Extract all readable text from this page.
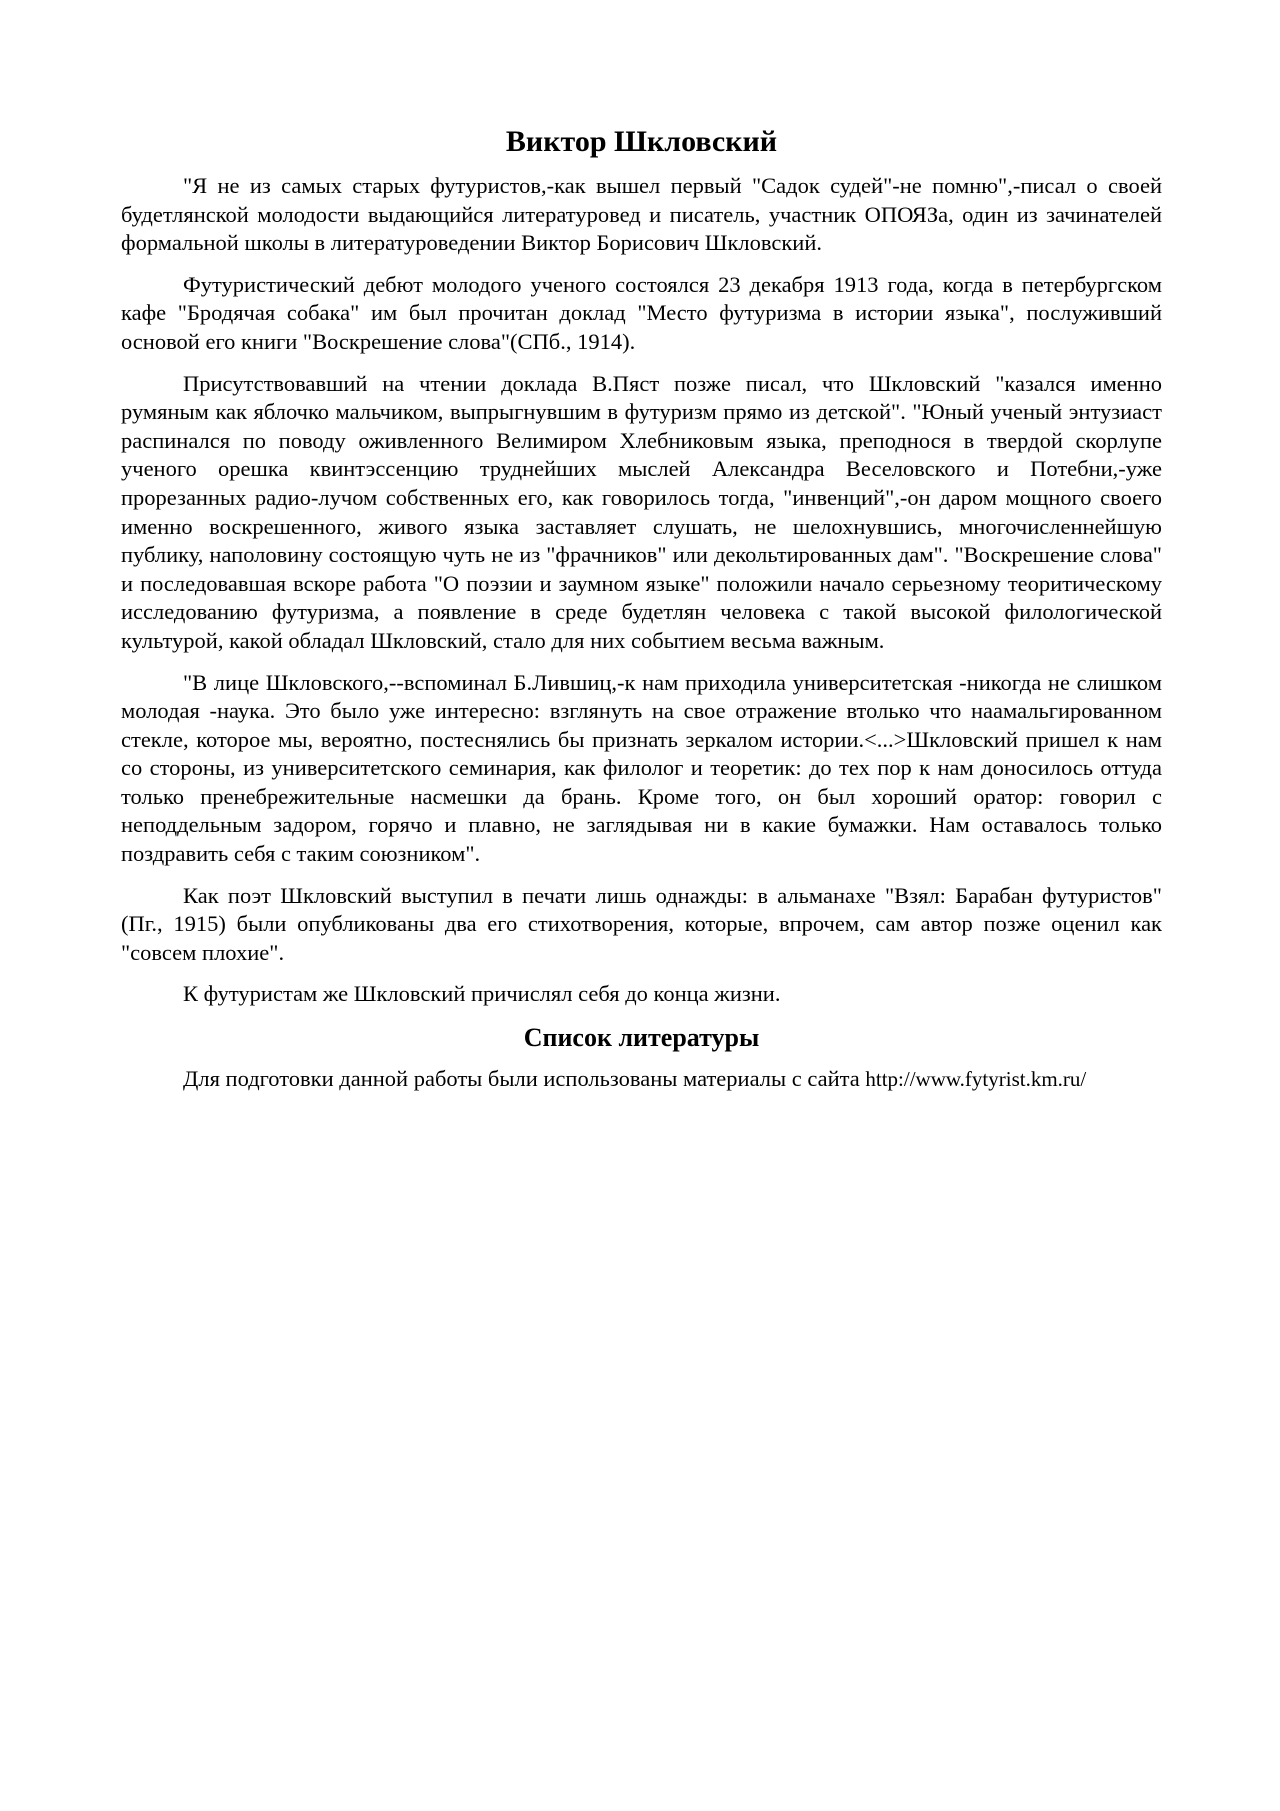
Виктор Шкловский

"Я не из самых старых футуристов,-как вышел первый "Садок судей"-не помню",-писал о своей будетлянской молодости выдающийся литературовед и писатель, участник ОПОЯЗа, один из зачинателей формальной школы в литературоведении Виктор Борисович Шкловский.

Футуристический дебют молодого ученого состоялся 23 декабря 1913 года, когда в петербургском кафе "Бродячая собака" им был прочитан доклад "Место футуризма в истории языка", послуживший основой его книги "Воскрешение слова"(СПб., 1914).

Присутствовавший на чтении доклада В.Пяст позже писал, что Шкловский "казался именно румяным как яблочко мальчиком, выпрыгнувшим в футуризм прямо из детской". "Юный ученый энтузиаст распинался по поводу оживленного Велимиром Хлебниковым языка, преподнося в твердой скорлупе ученого орешка квинтэссенцию труднейших мыслей Александра Веселовского и Потебни,-уже прорезанных радио-лучом собственных его, как говорилось тогда, "инвенций",-он даром мощного своего именно воскрешенного, живого языка заставляет слушать, не шелохнувшись, многочисленнейшую публику, наполовину состоящую чуть не из "фрачников" или декольтированных дам". "Воскрешение слова" и последовавшая вскоре работа "О поэзии и заумном языке" положили начало серьезному теоритическому исследованию футуризма, а появление в среде будетлян человека с такой высокой филологической культурой, какой обладал Шкловский, стало для них событием весьма важным.

"В лице Шкловского,--вспоминал Б.Лившиц,-к нам приходила университетская -никогда не слишком молодая -наука. Это было уже интересно: взглянуть на свое отражение втолько что наамальгированном стекле, которое мы, вероятно, постеснялись бы признать зеркалом истории.<...>Шкловский пришел к нам со стороны, из университетского семинария, как филолог и теоретик: до тех пор к нам доносилось оттуда только пренебрежительные насмешки да брань. Кроме того, он был хороший оратор: говорил с неподдельным задором, горячо и плавно, не заглядывая ни в какие бумажки. Нам оставалось только поздравить себя с таким союзником".

Как поэт Шкловский выступил в печати лишь однажды: в альманахе "Взял: Барабан футуристов" (Пг., 1915) были опубликованы два его стихотворения, которые, впрочем, сам автор позже оценил как "совсем плохие".

К футуристам же Шкловский причислял себя до конца жизни.

Список литературы

Для подготовки данной работы были использованы материалы с сайта http://www.fytyrist.km.ru/
